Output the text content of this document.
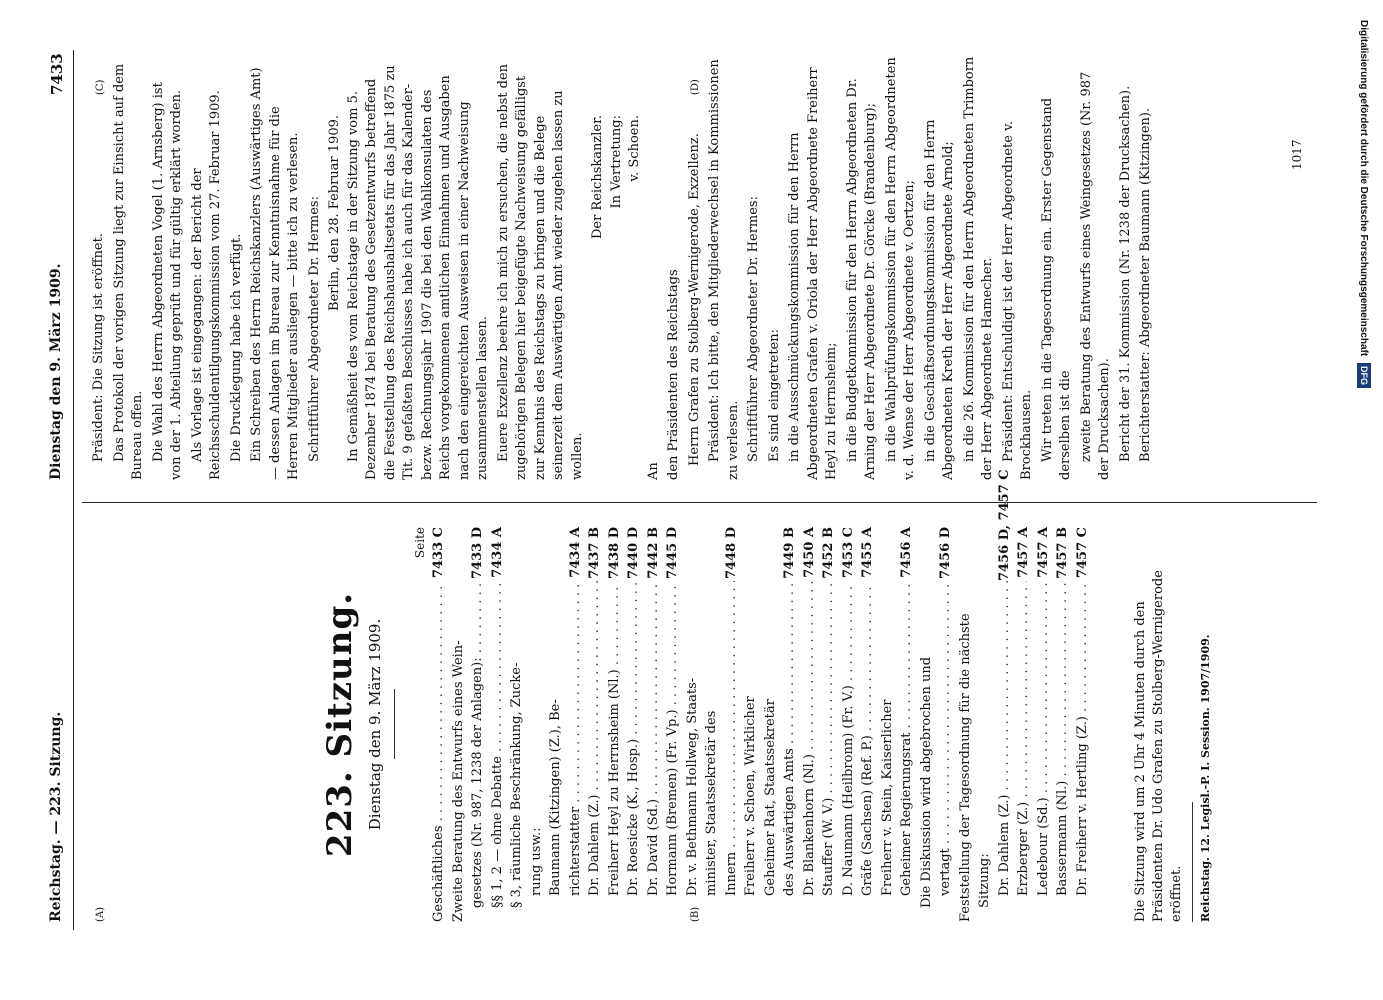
Reichstag. — 223. Sitzung.
Dienstag den 9. März 1909.
7433
(A)	(B)
(C)	(D)
223. Sitzung. Dienstag den 9. März 1909.
Seite
Geschäftliches . . .
7433 C
Zweite Beratung des Entwurfs eines Wein- gesetzes (Nr. 987, 1238 der Anlagen): . . .
7433 D
§§ 1, 2 — ohne Debatte . . .
7434 A
§ 3, räumliche Beschränkung, Zucke- rung usw.: Baumann (Kitzingen) (Z.), Be- richterstatter . . .
7434 A
Dr. Dahlem (Z.) . . .
7437 B
Freiherr Heyl zu Herrnsheim (Nl.) . . .
7438 D
Dr. Roesicke (K., Hosp.) . . .
7440 D
Dr. David (Sd.) . . .
7442 B
Hormann (Bremen) (Fr. Vp.) . . .
7445 D
Dr. v. Bethmann Hollweg, Staats- minister, Staatssekretär des Innern . . .
7448 D
Freiherr v. Schoen, Wirklicher Geheimer Rat, Staatssekretär des Auswärtigen Amts . . .
7449 B
Dr. Blankenhorn (Nl.) . . .
7450 A
Stauffer (W. V.) . . .
7452 B
D. Naumann (Heilbronn) (Fr. V.) . . .
7453 C
Gräfe (Sachsen) (Ref. P.) . . .
7455 A
Freiherr v. Stein, Kaiserlicher Geheimer Regierungsrat . . .
7456 A
Die Diskussion wird abgebrochen und vertagt . . .
7456 D
Feststellung der Tagesordnung für die nächste Sitzung: Dr. Dahlem (Z.) . . .
7456 D, 7457 C
Erzberger (Z.) . . .
7457 A
Ledebour (Sd.) . . .
7457 A
Bassermann (Nl.) . . .
7457 B
Dr. Freiherr v. Hertling (Z.) . . .
7457 C
Die Sitzung wird um 2 Uhr 4 Minuten durch den Präsidenten Dr. Udo Grafen zu Stolberg-Wernigerode eröffnet. Reichstag. 12. Legisl.-P. I. Session. 1907/1909.

Präsident: Die Sitzung ist eröffnet. Das Protokoll der vorigen Sitzung liegt zur Einsicht auf dem Bureau offen. Die Wahl des Herrn Abgeordneten Vogel (1. Arnsberg) ist von der 1. Abteilung geprüft und für gültig erklärt worden. Als Vorlage ist eingegangen: der Bericht der Reichsschuldentilgungskommission vom 27. Februar 1909. Die Drucklegung habe ich verfügt. Ein Schreiben des Herrn Reichskanzlers (Auswärtiges Amt) — dessen Anlagen im Bureau zur Kenntnisnahme für die Herren Mitglieder ausliegen — bitte ich zu verlesen. Schriftführer Abgeordneter Dr. Hermes: Berlin, den 28. Februar 1909. In Gemäßheit des vom Reichstage in der Sitzung vom 5. Dezember 1874 bei Beratung des Gesetzentwurfs betreffend die Feststellung des Reichshaushaltsetats für das Jahr 1875 zu Tit. 9 gefaßten Beschlusses habe ich auch für das Kalender- bezw. Rechnungsjahr 1907 die bei den Wahlkonsulaten des Reichs vorgekommenen amtlichen Einnahmen und Ausgaben nach den eingereichten Ausweisen in einer Nachweisung zusammenstellen lassen. Euere Exzellenz beehre ich mich zu ersuchen, die nebst den zugehörigen Belegen hier beigefügte Nachweisung gefälligst zur Kenntnis des Reichstags zu bringen und die Belege seinerzeit dem Auswärtigen Amt wieder zugehen lassen zu wollen.

Der Reichskanzler. In Vertretung: v. Schoen.
An den Präsidenten des Reichstags Herrn Grafen zu Stolberg-Wernigerode, Exzellenz. Präsident: Ich bitte, den Mitgliederwechsel in Kommissionen zu verlesen. Schriftführer Abgeordneter Dr. Hermes: Es sind eingetreten: in die Ausschmückungskommission für den Herrn Abgeordneten Grafen v. Oriola der Herr Abgeordnete Freiherr Heyl zu Herrnsheim; in die Budgetkommission für den Herrn Abgeordneten Dr. Arning der Herr Abgeordnete Dr. Görcke (Brandenburg); in die Wahlprüfungskommission für den Herrn Abgeordneten v. d. Wense der Herr Abgeordnete v. Oertzen; in die Geschäftsordnungskommission für den Herrn Abgeordneten Kreth der Herr Abgeordnete Arnold; in die 26. Kommission für den Herrn Abgeordneten Trimborn der Herr Abgeordnete Hamecher. Präsident: Entschuldigt ist der Herr Abgeordnete v. Brockhausen. Wir treten in die Tagesordnung ein. Erster Gegenstand derselben ist die zweite Beratung des Entwurfs eines Weingesetzes (Nr. 987 der Drucksachen). Bericht der 31. Kommission (Nr. 1238 der Drucksachen). Berichterstatter: Abgeordneter Baumann (Kitzingen).	1017	Digitalisierung gefördert durch die Deutsche Forschungsgemeinschaft DFG
